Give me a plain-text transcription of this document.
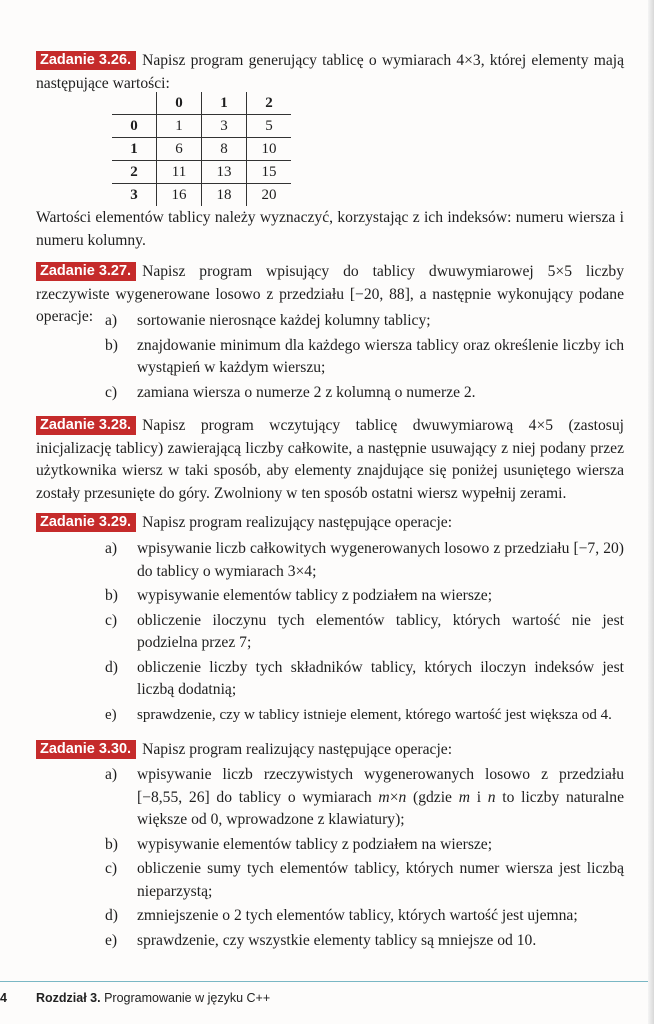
Zadanie 3.26. Napisz program generujący tablicę o wymiarach 4×3, której elementy mają następujące wartości:
	0	1	2
0	1	3	5
1	6	8	10
2	11	13	15
3	16	18	20
Wartości elementów tablicy należy wyznaczyć, korzystając z ich indeksów: numeru wiersza i numeru kolumny.
Zadanie 3.27. Napisz program wpisujący do tablicy dwuwymiarowej 5×5 liczby rzeczywiste wygenerowane losowo z przedziału [−20, 88], a następnie wykonujący podane operacje: a) sortowanie nierosnące każdej kolumny tablicy;
b) znajdowanie minimum dla każdego wiersza tablicy oraz określenie liczby ich wystąpień w każdym wierszu;
c) zamiana wiersza o numerze 2 z kolumną o numerze 2.
Zadanie 3.28. Napisz program wczytujący tablicę dwuwymiarową 4×5 (zastosuj inicjalizację tablicy) zawierającą liczby całkowite, a następnie usuwający z niej podany przez użytkownika wiersz w taki sposób, aby elementy znajdujące się poniżej usuniętego wiersza zostały przesunięte do góry. Zwolniony w ten sposób ostatni wiersz wypełnij zerami.
Zadanie 3.29. Napisz program realizujący następujące operacje:
a) wpisywanie liczb całkowitych wygenerowanych losowo z przedziału [−7, 20) do tablicy o wymiarach 3×4;
b) wypisywanie elementów tablicy z podziałem na wiersze;
c) obliczenie iloczynu tych elementów tablicy, których wartość nie jest podzielna przez 7;
d) obliczenie liczby tych składników tablicy, których iloczyn indeksów jest liczbą dodatnią;
e) sprawdzenie, czy w tablicy istnieje element, którego wartość jest większa od 4.
Zadanie 3.30. Napisz program realizujący następujące operacje:
a) wpisywanie liczb rzeczywistych wygenerowanych losowo z przedziału [−8,55, 26] do tablicy o wymiarach m×n (gdzie m i n to liczby naturalne większe od 0, wprowadzone z klawiatury);
b) wypisywanie elementów tablicy z podziałem na wiersze;
c) obliczenie sumy tych elementów tablicy, których numer wiersza jest liczbą nieparzystą;
d) zmniejszenie o 2 tych elementów tablicy, których wartość jest ujemna;
e) sprawdzenie, czy wszystkie elementy tablicy są mniejsze od 10.
4 Rozdział 3. Programowanie w języku C++
